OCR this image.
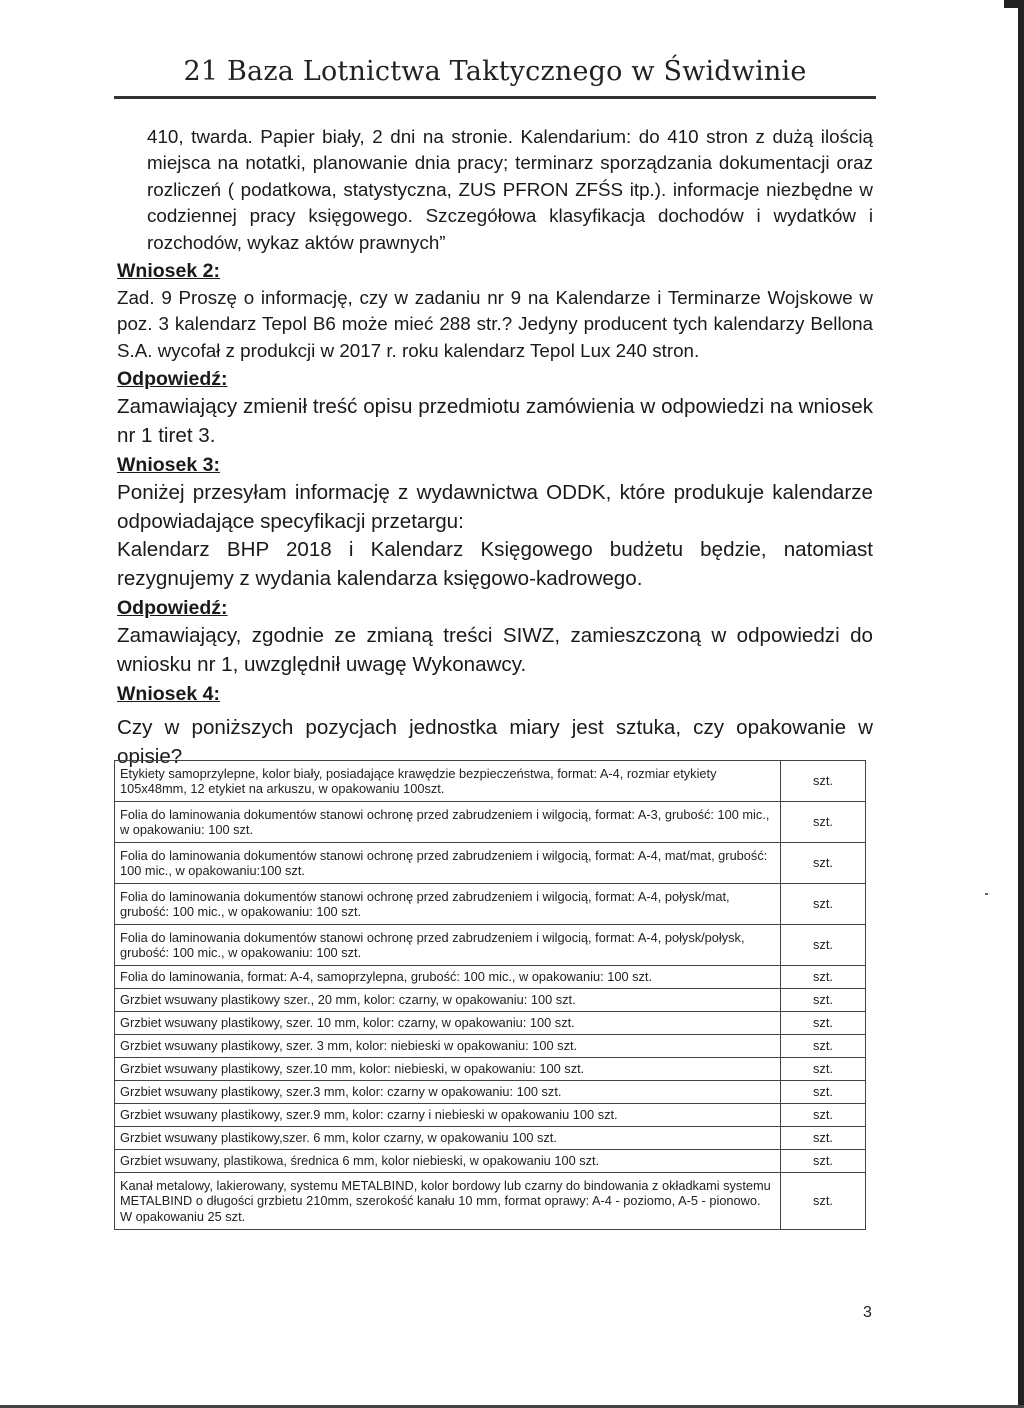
21 Baza Lotnictwa Taktycznego w Świdwinie

410, twarda. Papier biały, 2 dni na stronie. Kalendarium: do 410 stron z dużą ilością miejsca na notatki, planowanie dnia pracy; terminarz sporządzania dokumentacji oraz rozliczeń ( podatkowa, statystyczna, ZUS PFRON ZFŚS itp.). informacje niezbędne w codziennej pracy księgowego. Szczegółowa klasyfikacja dochodów i wydatków i rozchodów, wykaz aktów prawnych”

Wniosek 2:

Zad. 9 Proszę o informację, czy w zadaniu nr 9 na Kalendarze i Terminarze Wojskowe w poz. 3 kalendarz Tepol B6 może mieć 288 str.? Jedyny producent tych kalendarzy Bellona S.A. wycofał z produkcji w 2017 r. roku kalendarz Tepol Lux 240 stron.

Odpowiedź:

Zamawiający zmienił treść opisu przedmiotu zamówienia w odpowiedzi na wniosek nr 1 tiret 3.

Wniosek 3:

Poniżej przesyłam informację z wydawnictwa ODDK, które produkuje kalendarze odpowiadające specyfikacji przetargu:

Kalendarz BHP 2018 i Kalendarz Księgowego budżetu będzie, natomiast rezygnujemy z wydania kalendarza księgowo-kadrowego.

Odpowiedź:

Zamawiający, zgodnie ze zmianą treści SIWZ, zamieszczoną w odpowiedzi do wniosku nr 1, uwzględnił uwagę Wykonawcy.

Wniosek 4:

Czy w poniższych pozycjach jednostka miary jest sztuka, czy opakowanie w opisie?

Etykiety samoprzylepne, kolor biały, posiadające krawędzie bezpieczeństwa, format: A-4, rozmiar etykiety 105x48mm, 12 etykiet na arkuszu, w opakowaniu 100szt.	szt.
Folia do laminowania dokumentów stanowi ochronę przed zabrudzeniem i wilgocią, format: A-3, grubość: 100 mic., w opakowaniu: 100 szt.	szt.
Folia do laminowania dokumentów stanowi ochronę przed zabrudzeniem i wilgocią, format: A-4, mat/mat, grubość: 100 mic., w opakowaniu:100 szt.	szt.
Folia do laminowania dokumentów stanowi ochronę przed zabrudzeniem i wilgocią, format: A-4, połysk/mat, grubość: 100 mic., w opakowaniu: 100 szt.	szt.
Folia do laminowania dokumentów stanowi ochronę przed zabrudzeniem i wilgocią, format: A-4, połysk/połysk, grubość: 100 mic., w opakowaniu: 100 szt.	szt.
Folia do laminowania, format: A-4, samoprzylepna, grubość: 100 mic., w opakowaniu: 100 szt.	szt.
Grzbiet wsuwany plastikowy szer., 20 mm, kolor: czarny, w opakowaniu: 100 szt.	szt.
Grzbiet wsuwany plastikowy, szer. 10 mm, kolor: czarny, w opakowaniu: 100 szt.	szt.
Grzbiet wsuwany plastikowy, szer. 3 mm, kolor: niebieski w opakowaniu: 100 szt.	szt.
Grzbiet wsuwany plastikowy, szer.10 mm, kolor: niebieski, w opakowaniu: 100 szt.	szt.
Grzbiet wsuwany plastikowy, szer.3 mm, kolor: czarny w opakowaniu: 100 szt.	szt.
Grzbiet wsuwany plastikowy, szer.9 mm, kolor: czarny i niebieski w opakowaniu 100 szt.	szt.
Grzbiet wsuwany plastikowy,szer. 6 mm, kolor czarny, w opakowaniu 100 szt.	szt.
Grzbiet wsuwany, plastikowa, średnica 6 mm, kolor niebieski, w opakowaniu 100 szt.	szt.
Kanał metalowy, lakierowany, systemu METALBIND, kolor bordowy lub czarny do bindowania z okładkami systemu METALBIND o długości grzbietu 210mm, szerokość kanału 10 mm, format oprawy: A-4 - poziomo, A-5 - pionowo. W opakowaniu 25 szt.	szt.
3
